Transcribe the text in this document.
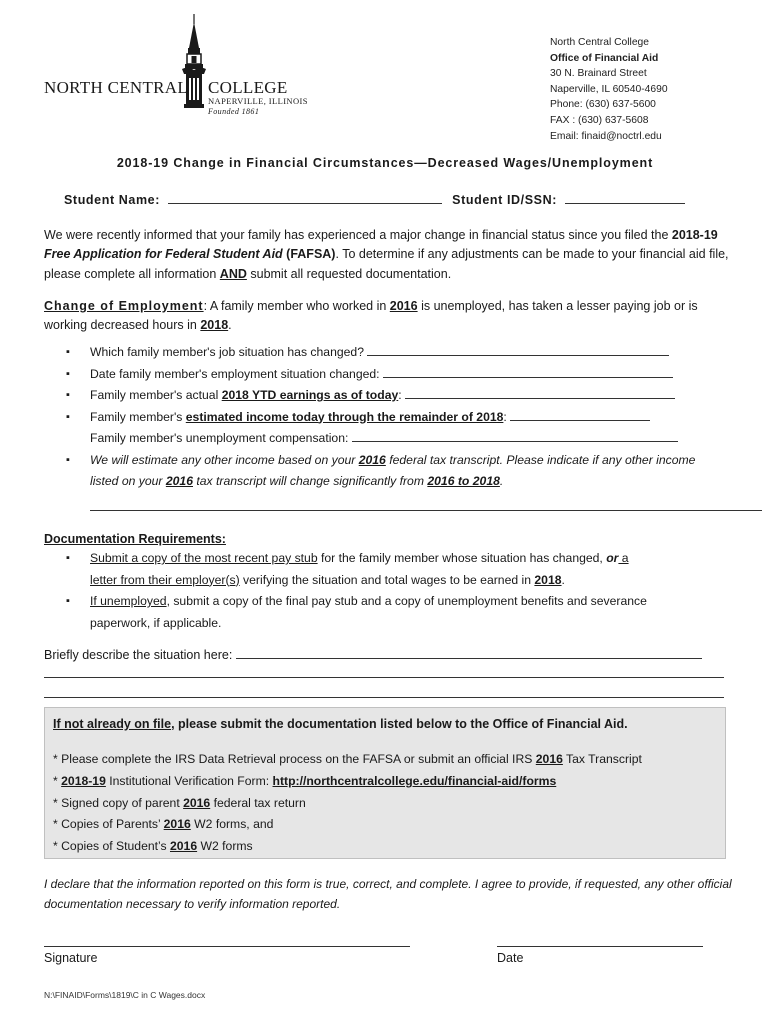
NORTH CENTRAL COLLEGE
NAPERVILLE, ILLINOIS
Founded 1861
North Central College
Office of Financial Aid
30 N. Brainard Street
Naperville, IL 60540-4690
Phone: (630) 637-5600
FAX : (630) 637-5608
Email: finaid@noctrl.edu
2018-19 Change in Financial Circumstances—Decreased Wages/Unemployment
Student Name:	Student ID/SSN:
We were recently informed that your family has experienced a major change in financial status since you filed the 2018-19 Free Application for Federal Student Aid (FAFSA). To determine if any adjustments can be made to your financial aid file, please complete all information AND submit all requested documentation.
Change of Employment: A family member who worked in 2016 is unemployed, has taken a lesser paying job or is working decreased hours in 2018.
▪ Which family member's job situation has changed?
▪ Date family member's employment situation changed:
▪ Family member's actual 2018 YTD earnings as of today:
▪ Family member's estimated income today through the remainder of 2018:
Family member's unemployment compensation:
▪ We will estimate any other income based on your 2016 federal tax transcript. Please indicate if any other income listed on your 2016 tax transcript will change significantly from 2016 to 2018.
Documentation Requirements:
▪ Submit a copy of the most recent pay stub for the family member whose situation has changed, or a
letter from their employer(s) verifying the situation and total wages to be earned in 2018.
▪ If unemployed, submit a copy of the final pay stub and a copy of unemployment benefits and severance
paperwork, if applicable.
Briefly describe the situation here:
If not already on file, please submit the documentation listed below to the Office of Financial Aid.
* Please complete the IRS Data Retrieval process on the FAFSA or submit an official IRS 2016 Tax Transcript
* 2018-19 Institutional Verification Form: http://northcentralcollege.edu/financial-aid/forms
* Signed copy of parent 2016 federal tax return
* Copies of Parents’ 2016 W2 forms, and
* Copies of Student’s 2016 W2 forms
I declare that the information reported on this form is true, correct, and complete. I agree to provide, if requested, any other official documentation necessary to verify information reported.
Signature	Date
N:\FINAID\Forms\1819\C in C Wages.docx
